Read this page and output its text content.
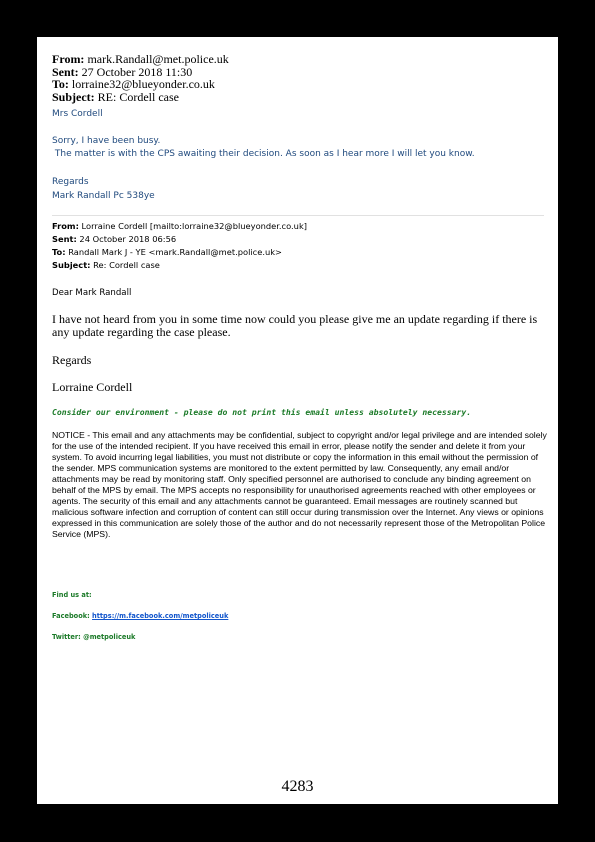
From: mark.Randall@met.police.uk
Sent: 27 October 2018 11:30
To: lorraine32@blueyonder.co.uk
Subject: RE: Cordell case
Mrs Cordell
Sorry, I have been busy.
The matter is with the CPS awaiting their decision. As soon as I hear more I will let you know.
Regards
Mark Randall Pc 538ye
From: Lorraine Cordell [mailto:lorraine32@blueyonder.co.uk]
Sent: 24 October 2018 06:56
To: Randall Mark J - YE <mark.Randall@met.police.uk>
Subject: Re: Cordell case
Dear Mark Randall
I have not heard from you in some time now could you please give me an update regarding if there is any update regarding the case please.
Regards
Lorraine Cordell
Consider our environment - please do not print this email unless absolutely necessary.
NOTICE - This email and any attachments may be confidential, subject to copyright and/or legal privilege and are intended solely for the use of the intended recipient. If you have received this email in error, please notify the sender and delete it from your system. To avoid incurring legal liabilities, you must not distribute or copy the information in this email without the permission of the sender. MPS communication systems are monitored to the extent permitted by law. Consequently, any email and/or attachments may be read by monitoring staff. Only specified personnel are authorised to conclude any binding agreement on behalf of the MPS by email. The MPS accepts no responsibility for unauthorised agreements reached with other employees or agents. The security of this email and any attachments cannot be guaranteed. Email messages are routinely scanned but malicious software infection and corruption of content can still occur during transmission over the Internet. Any views or opinions expressed in this communication are solely those of the author and do not necessarily represent those of the Metropolitan Police Service (MPS).
Find us at:
Facebook: https://m.facebook.com/metpoliceuk
Twitter: @metpoliceuk
4283
